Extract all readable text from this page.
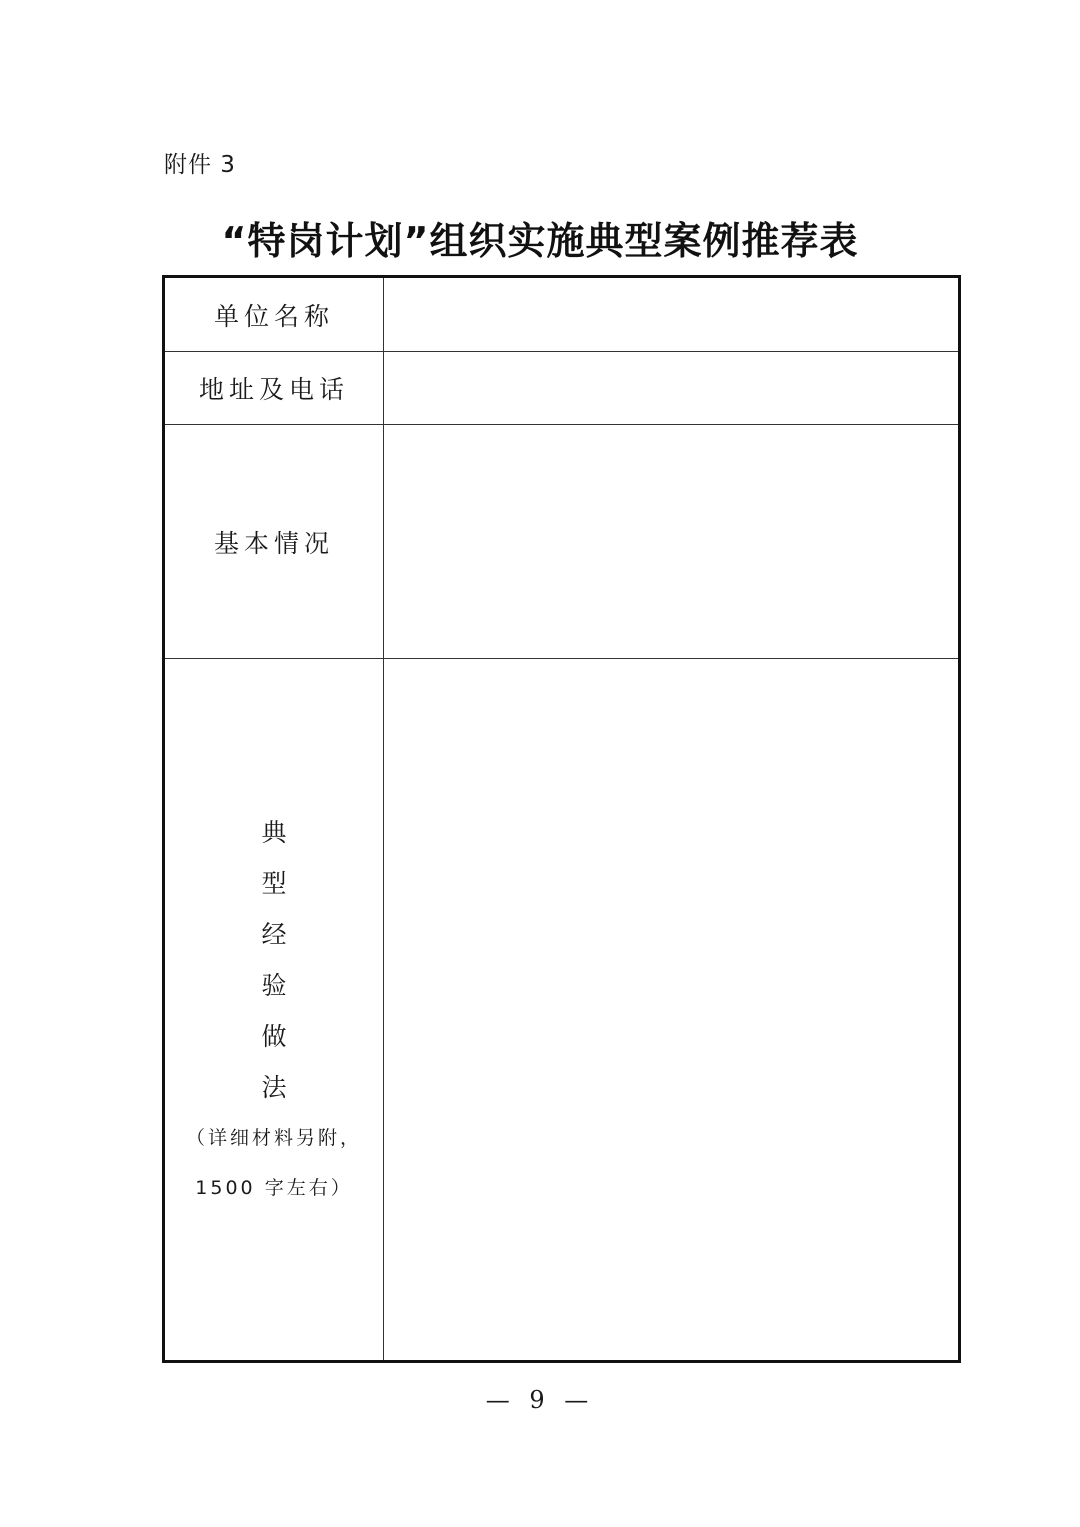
附件 3
“特岗计划”组织实施典型案例推荐表
单位名称
地址及电话
基本情况
典
型
经
验
做
法
（详细材料另附，
1500 字左右）
— 9 —
